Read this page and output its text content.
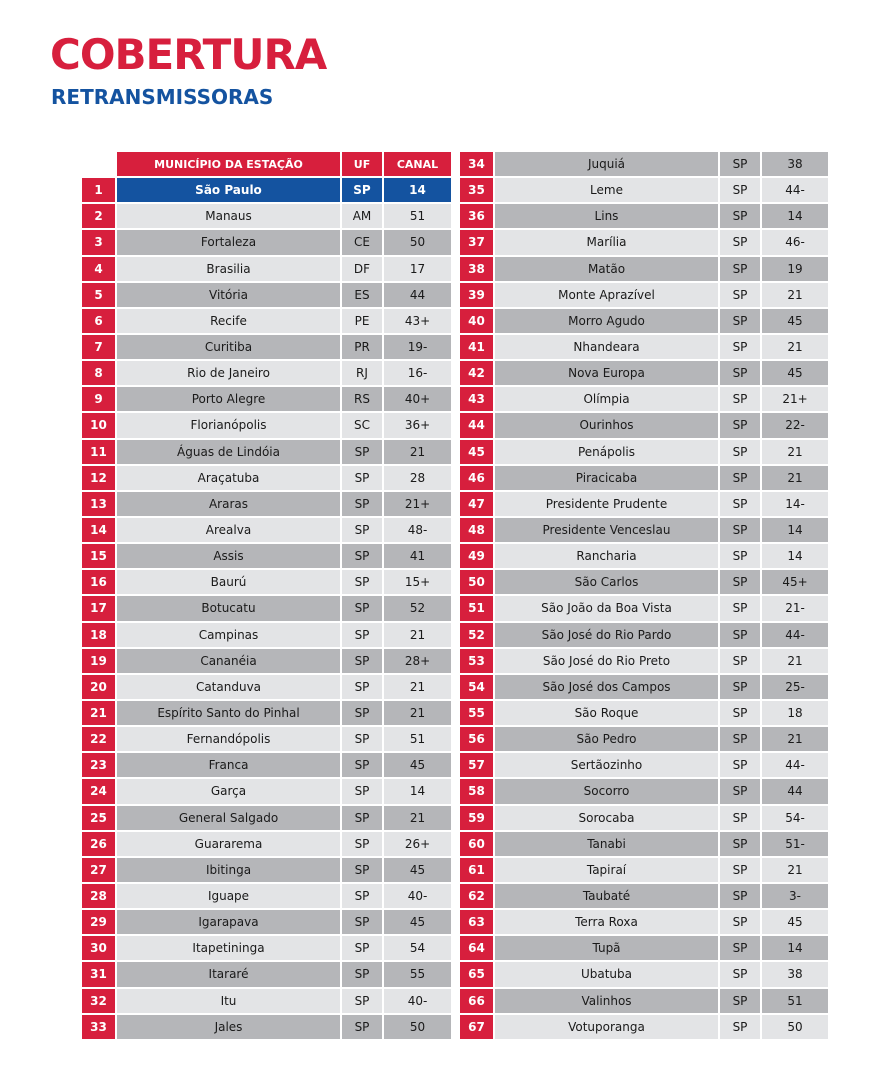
COBERTURA
RETRANSMISSORAS
MUNICÍPIO DA ESTAÇÃO	UF	CANAL
1	São Paulo	SP	14
2	Manaus	AM	51
3	Fortaleza	CE	50
4	Brasilia	DF	17
5	Vitória	ES	44
6	Recife	PE	43+
7	Curitiba	PR	19-
8	Rio de Janeiro	RJ	16-
9	Porto Alegre	RS	40+
10	Florianópolis	SC	36+
11	Águas de Lindóia	SP	21
12	Araçatuba	SP	28
13	Araras	SP	21+
14	Arealva	SP	48-
15	Assis	SP	41
16	Baurú	SP	15+
17	Botucatu	SP	52
18	Campinas	SP	21
19	Cananéia	SP	28+
20	Catanduva	SP	21
21	Espírito Santo do Pinhal	SP	21
22	Fernandópolis	SP	51
23	Franca	SP	45
24	Garça	SP	14
25	General Salgado	SP	21
26	Guararema	SP	26+
27	Ibitinga	SP	45
28	Iguape	SP	40-
29	Igarapava	SP	45
30	Itapetininga	SP	54
31	Itararé	SP	55
32	Itu	SP	40-
33	Jales	SP	50
34	Juquiá	SP	38
35	Leme	SP	44-
36	Lins	SP	14
37	Marília	SP	46-
38	Matão	SP	19
39	Monte Aprazível	SP	21
40	Morro Agudo	SP	45
41	Nhandeara	SP	21
42	Nova Europa	SP	45
43	Olímpia	SP	21+
44	Ourinhos	SP	22-
45	Penápolis	SP	21
46	Piracicaba	SP	21
47	Presidente Prudente	SP	14-
48	Presidente Venceslau	SP	14
49	Rancharia	SP	14
50	São Carlos	SP	45+
51	São João da Boa Vista	SP	21-
52	São José do Rio Pardo	SP	44-
53	São José do Rio Preto	SP	21
54	São José dos Campos	SP	25-
55	São Roque	SP	18
56	São Pedro	SP	21
57	Sertãozinho	SP	44-
58	Socorro	SP	44
59	Sorocaba	SP	54-
60	Tanabi	SP	51-
61	Tapiraí	SP	21
62	Taubaté	SP	3-
63	Terra Roxa	SP	45
64	Tupã	SP	14
65	Ubatuba	SP	38
66	Valinhos	SP	51
67	Votuporanga	SP	50
